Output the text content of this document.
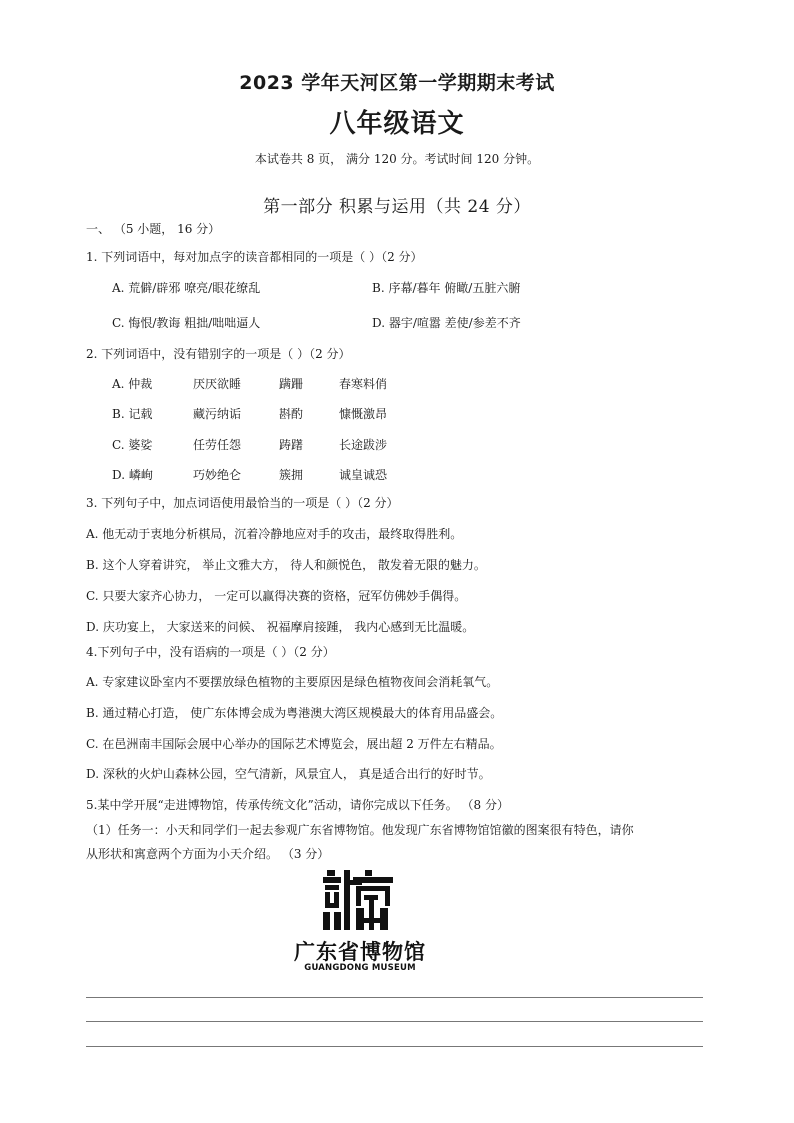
2023 学年天河区第一学期期末考试
八年级语文
本试卷共 8 页， 满分 120 分。考试时间 120 分钟。
第一部分 积累与运用（共 24 分）
一、 （5 小题， 16 分）
1. 下列词语中，每对加点字的读音都相同的一项是（ ）（2 分）
A. 荒僻/辟邪 嘹亮/眼花缭乱	B. 序幕/暮年 俯瞰/五脏六腑
C. 悔恨/教诲 粗拙/咄咄逼人	D. 器宇/喧嚣 差使/参差不齐
2. 下列词语中，没有错别字的一项是（ ）（2 分）
A. 仲裁	厌厌欲睡	蹒跚	春寒料俏
B. 记载	藏污纳诟	斟酌	慷慨激昂
C. 婆娑	任劳任怨	踌躇	长途跋涉
D. 嶙峋	巧妙绝仑	簇拥	诚皇诚恐
3. 下列句子中，加点词语使用最恰当的一项是（ ）（2 分）
A. 他无动于衷地分析棋局，沉着冷静地应对手的攻击，最终取得胜利。
B. 这个人穿着讲究， 举止文雅大方， 待人和颜悦色， 散发着无限的魅力。
C. 只要大家齐心协力， 一定可以赢得决赛的资格，冠军仿佛妙手偶得。
D. 庆功宴上， 大家送来的问候、 祝福摩肩接踵， 我内心感到无比温暖。
4.下列句子中，没有语病的一项是（ ）（2 分）
A. 专家建议卧室内不要摆放绿色植物的主要原因是绿色植物夜间会消耗氧气。
B. 通过精心打造， 使广东体博会成为粤港澳大湾区规模最大的体育用品盛会。
C. 在邑洲南丰国际会展中心举办的国际艺术博览会，展出超 2 万件左右精品。
D. 深秋的火炉山森林公园，空气清新，风景宜人， 真是适合出行的好时节。
5.某中学开展“走进博物馆，传承传统文化”活动，请你完成以下任务。 （8 分）
（1）任务一：小天和同学们一起去参观广东省博物馆。他发现广东省博物馆馆徽的图案很有特色，请你
从形状和寓意两个方面为小天介绍。 （3 分）
广东省博物馆
GUANGDONG MUSEUM
